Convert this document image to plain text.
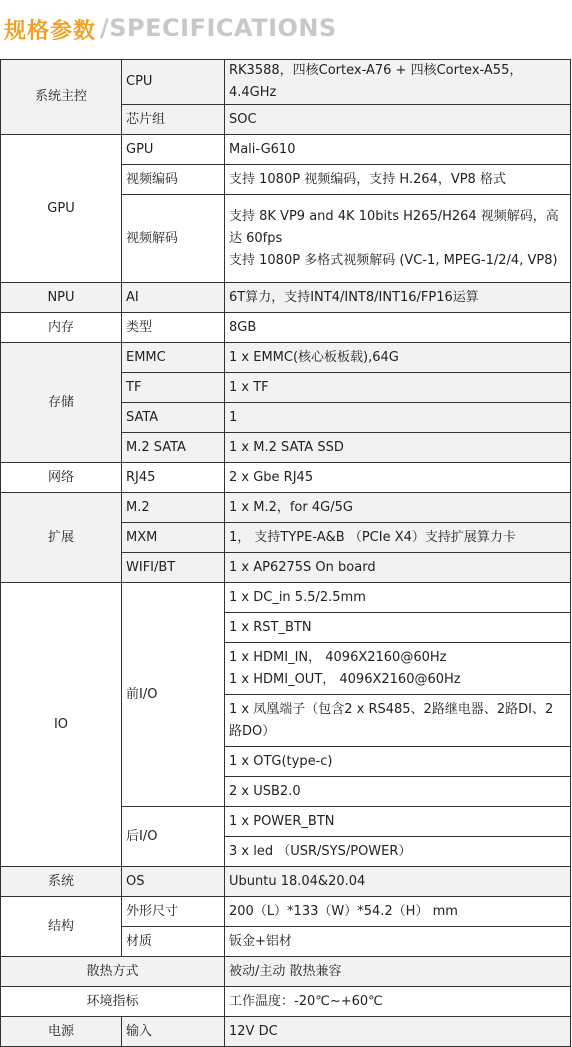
规格参数 /SPECIFICATIONS
系统主控	CPU	RK3588，四核Cortex-A76 + 四核Cortex-A55，4.4GHz
	芯片组	SOC
GPU	GPU	Mali-G610
	视频编码	支持 1080P 视频编码，支持 H.264，VP8 格式
	视频解码	支持 8K VP9 and 4K 10bits H265/H264 视频解码，高达 60fps
支持 1080P 多格式视频解码 (VC-1, MPEG-1/2/4, VP8)

NPU	AI	6T算力，支持INT4/INT8/INT16/FP16运算
内存	类型	8GB
存储	EMMC	1 x EMMC(核心板板载),64G
	TF	1 x TF
	SATA	1
	M.2 SATA	1 x M.2 SATA SSD
网络	RJ45	2 x Gbe RJ45
扩展	M.2	1 x M.2，for 4G/5G
	MXM	1， 支持TYPE-A&B （PCIe X4）支持扩展算力卡
	WIFI/BT	1 x AP6275S On board
IO	前I/O	1 x DC_in 5.5/2.5mm
		1 x RST_BTN

		1 x HDMI_IN， 4096X2160@60Hz
1 x HDMI_OUT， 4096X2160@60Hz

		1 x 凤凰端子（包含2 x RS485、2路继电器、2路DI、2路DO）
		1 x OTG(type-c)
		2 x USB2.0
	后I/O	1 x POWER_BTN
		3 x led （USR/SYS/POWER）
系统	OS	Ubuntu 18.04&20.04
结构	外形尺寸	200（L）*133（W）*54.2（H） mm
	材质	钣金+铝材
散热方式		被动/主动 散热兼容
环境指标		工作温度：-20℃~+60℃
电源	输入	12V DC
